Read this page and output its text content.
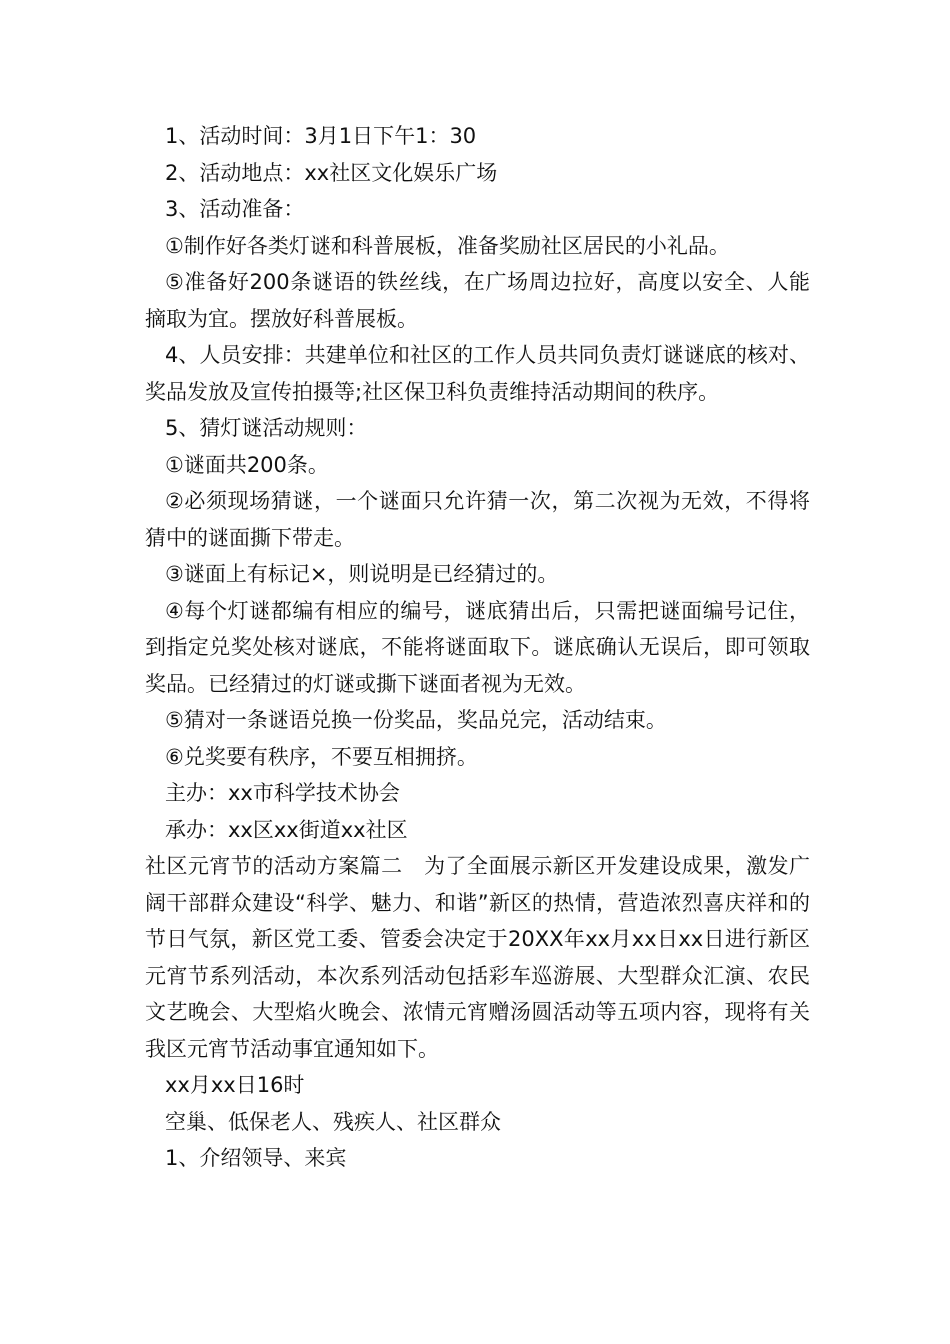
1、活动时间：3月1日下午1：30

2、活动地点：xx社区文化娱乐广场

3、活动准备：

①制作好各类灯谜和科普展板，准备奖励社区居民的小礼品。

⑤准备好200条谜语的铁丝线，在广场周边拉好，高度以安全、人能摘取为宜。摆放好科普展板。

4、人员安排：共建单位和社区的工作人员共同负责灯谜谜底的核对、奖品发放及宣传拍摄等;社区保卫科负责维持活动期间的秩序。

5、猜灯谜活动规则：

①谜面共200条。

②必须现场猜谜，一个谜面只允许猜一次，第二次视为无效，不得将猜中的谜面撕下带走。

③谜面上有标记×，则说明是已经猜过的。

④每个灯谜都编有相应的编号，谜底猜出后，只需把谜面编号记住，到指定兑奖处核对谜底，不能将谜面取下。谜底确认无误后，即可领取奖品。已经猜过的灯谜或撕下谜面者视为无效。

⑤猜对一条谜语兑换一份奖品，奖品兑完，活动结束。

⑥兑奖要有秩序，不要互相拥挤。

主办：xx市科学技术协会

承办：xx区xx街道xx社区

社区元宵节的活动方案篇二　为了全面展示新区开发建设成果，激发广阔干部群众建设“科学、魅力、和谐”新区的热情，营造浓烈喜庆祥和的节日气氛，新区党工委、管委会决定于20XX年xx月xx日xx日进行新区元宵节系列活动，本次系列活动包括彩车巡游展、大型群众汇演、农民文艺晚会、大型焰火晚会、浓情元宵赠汤圆活动等五项内容，现将有关我区元宵节活动事宜通知如下。

xx月xx日16时

空巢、低保老人、残疾人、社区群众

1、介绍领导、来宾
